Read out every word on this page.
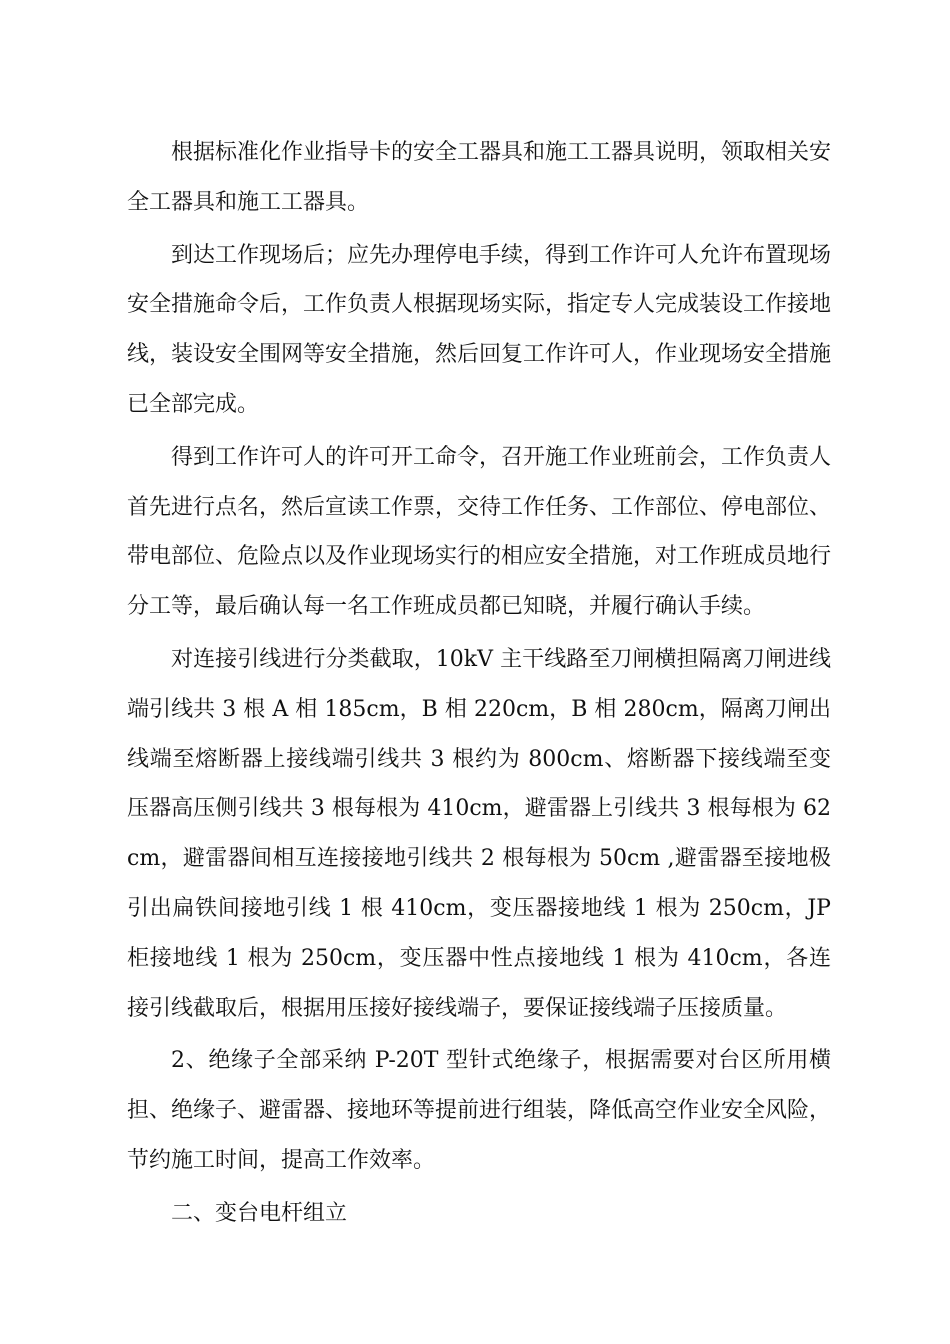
根据标准化作业指导卡的安全工器具和施工工器具说明，领取相关安全工器具和施工工器具。

到达工作现场后；应先办理停电手续，得到工作许可人允许布置现场安全措施命令后，工作负责人根据现场实际，指定专人完成装设工作接地线，装设安全围网等安全措施，然后回复工作许可人，作业现场安全措施已全部完成。

得到工作许可人的许可开工命令，召开施工作业班前会，工作负责人首先进行点名，然后宣读工作票，交待工作任务、工作部位、停电部位、带电部位、危险点以及作业现场实行的相应安全措施，对工作班成员地行分工等，最后确认每一名工作班成员都已知晓，并履行确认手续。

对连接引线进行分类截取，10kV 主干线路至刀闸横担隔离刀闸进线端引线共 3 根 A 相 185cm，B 相 220cm，B 相 280cm，隔离刀闸出线端至熔断器上接线端引线共 3 根约为 800cm、熔断器下接线端至变压器高压侧引线共 3 根每根为 410cm，避雷器上引线共 3 根每根为 62cm，避雷器间相互连接接地引线共 2 根每根为 50cm ,避雷器至接地极引出扁铁间接地引线 1 根 410cm，变压器接地线 1 根为 250cm，JP 柜接地线 1 根为 250cm，变压器中性点接地线 1 根为 410cm，各连接引线截取后，根据用压接好接线端子，要保证接线端子压接质量。

2、绝缘子全部采纳 P-20T 型针式绝缘子，根据需要对台区所用横担、绝缘子、避雷器、接地环等提前进行组装，降低高空作业安全风险，节约施工时间，提高工作效率。

二、变台电杆组立
